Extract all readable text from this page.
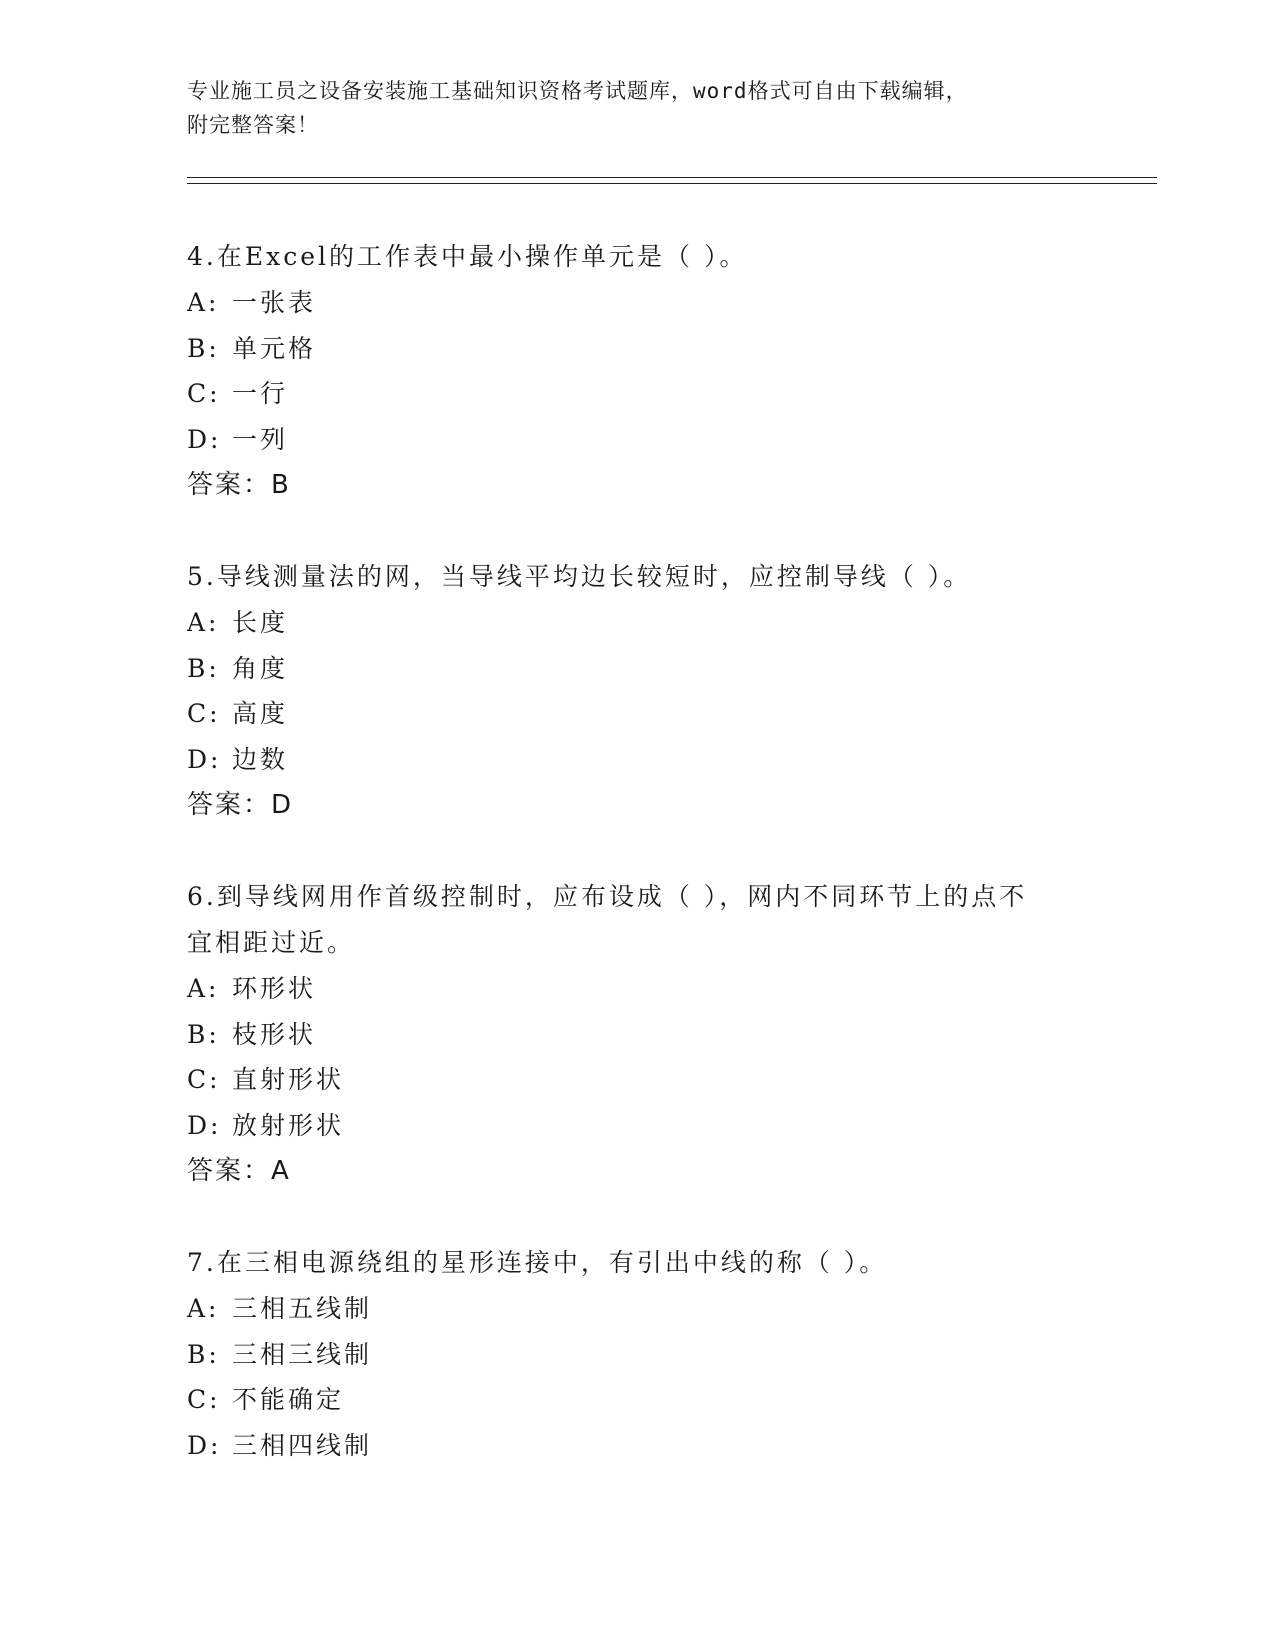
专业施工员之设备安装施工基础知识资格考试题库，word格式可自由下载编辑，
附完整答案！

4.在Excel的工作表中最小操作单元是（ ）。

A: 一张表

B: 单元格

C: 一行

D: 一列

答案：B

5.导线测量法的网，当导线平均边长较短时，应控制导线（ ）。

A: 长度

B: 角度

C: 高度

D: 边数

答案：D

6.到导线网用作首级控制时，应布设成（ ），网内不同环节上的点不

宜相距过近。

A: 环形状

B: 枝形状

C: 直射形状

D: 放射形状

答案：A

7.在三相电源绕组的星形连接中，有引出中线的称（ ）。

A: 三相五线制

B: 三相三线制

C: 不能确定

D: 三相四线制
